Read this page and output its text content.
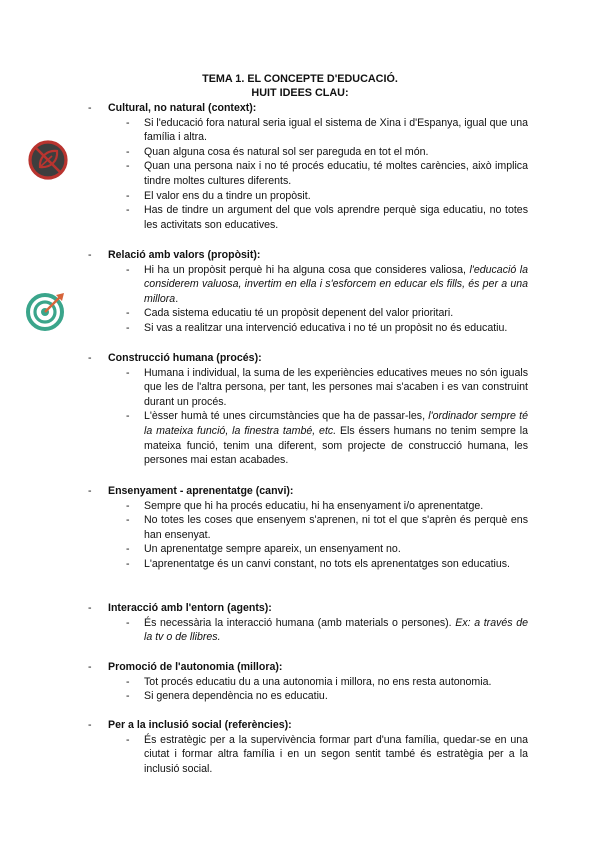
TEMA 1. EL CONCEPTE D'EDUCACIÓ.
HUIT IDEES CLAU:

- Cultural, no natural (context):

- Si l'educació fora natural seria igual el sistema de Xina i d'Espanya, igual que una família i altra.
- Quan alguna cosa és natural sol ser pareguda en tot el món.
- Quan una persona naix i no té procés educatiu, té moltes carències, això implica tindre moltes cultures diferents.
- El valor ens du a tindre un propòsit.
- Has de tindre un argument del que vols aprendre perquè siga educatiu, no totes les activitats son educatives.

- Relació amb valors (propòsit):

- Hi ha un propòsit perquè hi ha alguna cosa que consideres valiosa, l'educació la considerem valuosa, invertim en ella i s'esforcem en educar els fills, és per a una millora.
- Cada sistema educatiu té un propòsit depenent del valor prioritari.
- Si vas a realitzar una intervenció educativa i no té un propòsit no és educatiu.

- Construcció humana (procés):

- Humana i individual, la suma de les experiències educatives meues no són iguals que les de l'altra persona, per tant, les persones mai s'acaben i es van construint durant un procés.
- L'èsser humà té unes circumstàncies que ha de passar-les, l'ordinador sempre té la mateixa funció, la finestra també, etc. Els éssers humans no tenim sempre la mateixa funció, tenim una diferent, som projecte de construcció humana, les persones mai estan acabades.

- Ensenyament - aprenentatge (canvi):

- Sempre que hi ha procés educatiu, hi ha ensenyament i/o aprenentatge.
- No totes les coses que ensenyem s'aprenen, ni tot el que s'aprèn és perquè ens han ensenyat.
- Un aprenentatge sempre apareix, un ensenyament no.
- L'aprenentatge és un canvi constant, no tots els aprenentatges son educatius.

- Interacció amb l'entorn (agents):

- És necessària la interacció humana (amb materials o persones). Ex: a través de la tv o de llibres.

- Promoció de l'autonomia (millora):

- Tot procés educatiu du a una autonomia i millora, no ens resta autonomia.
- Si genera dependència no es educatiu.

- Per a la inclusió social (referències):

- És estratègic per a la supervivència formar part d'una família, quedar-se en una ciutat i formar altra família i en un segon sentit també és estratègia per a la inclusió social.
